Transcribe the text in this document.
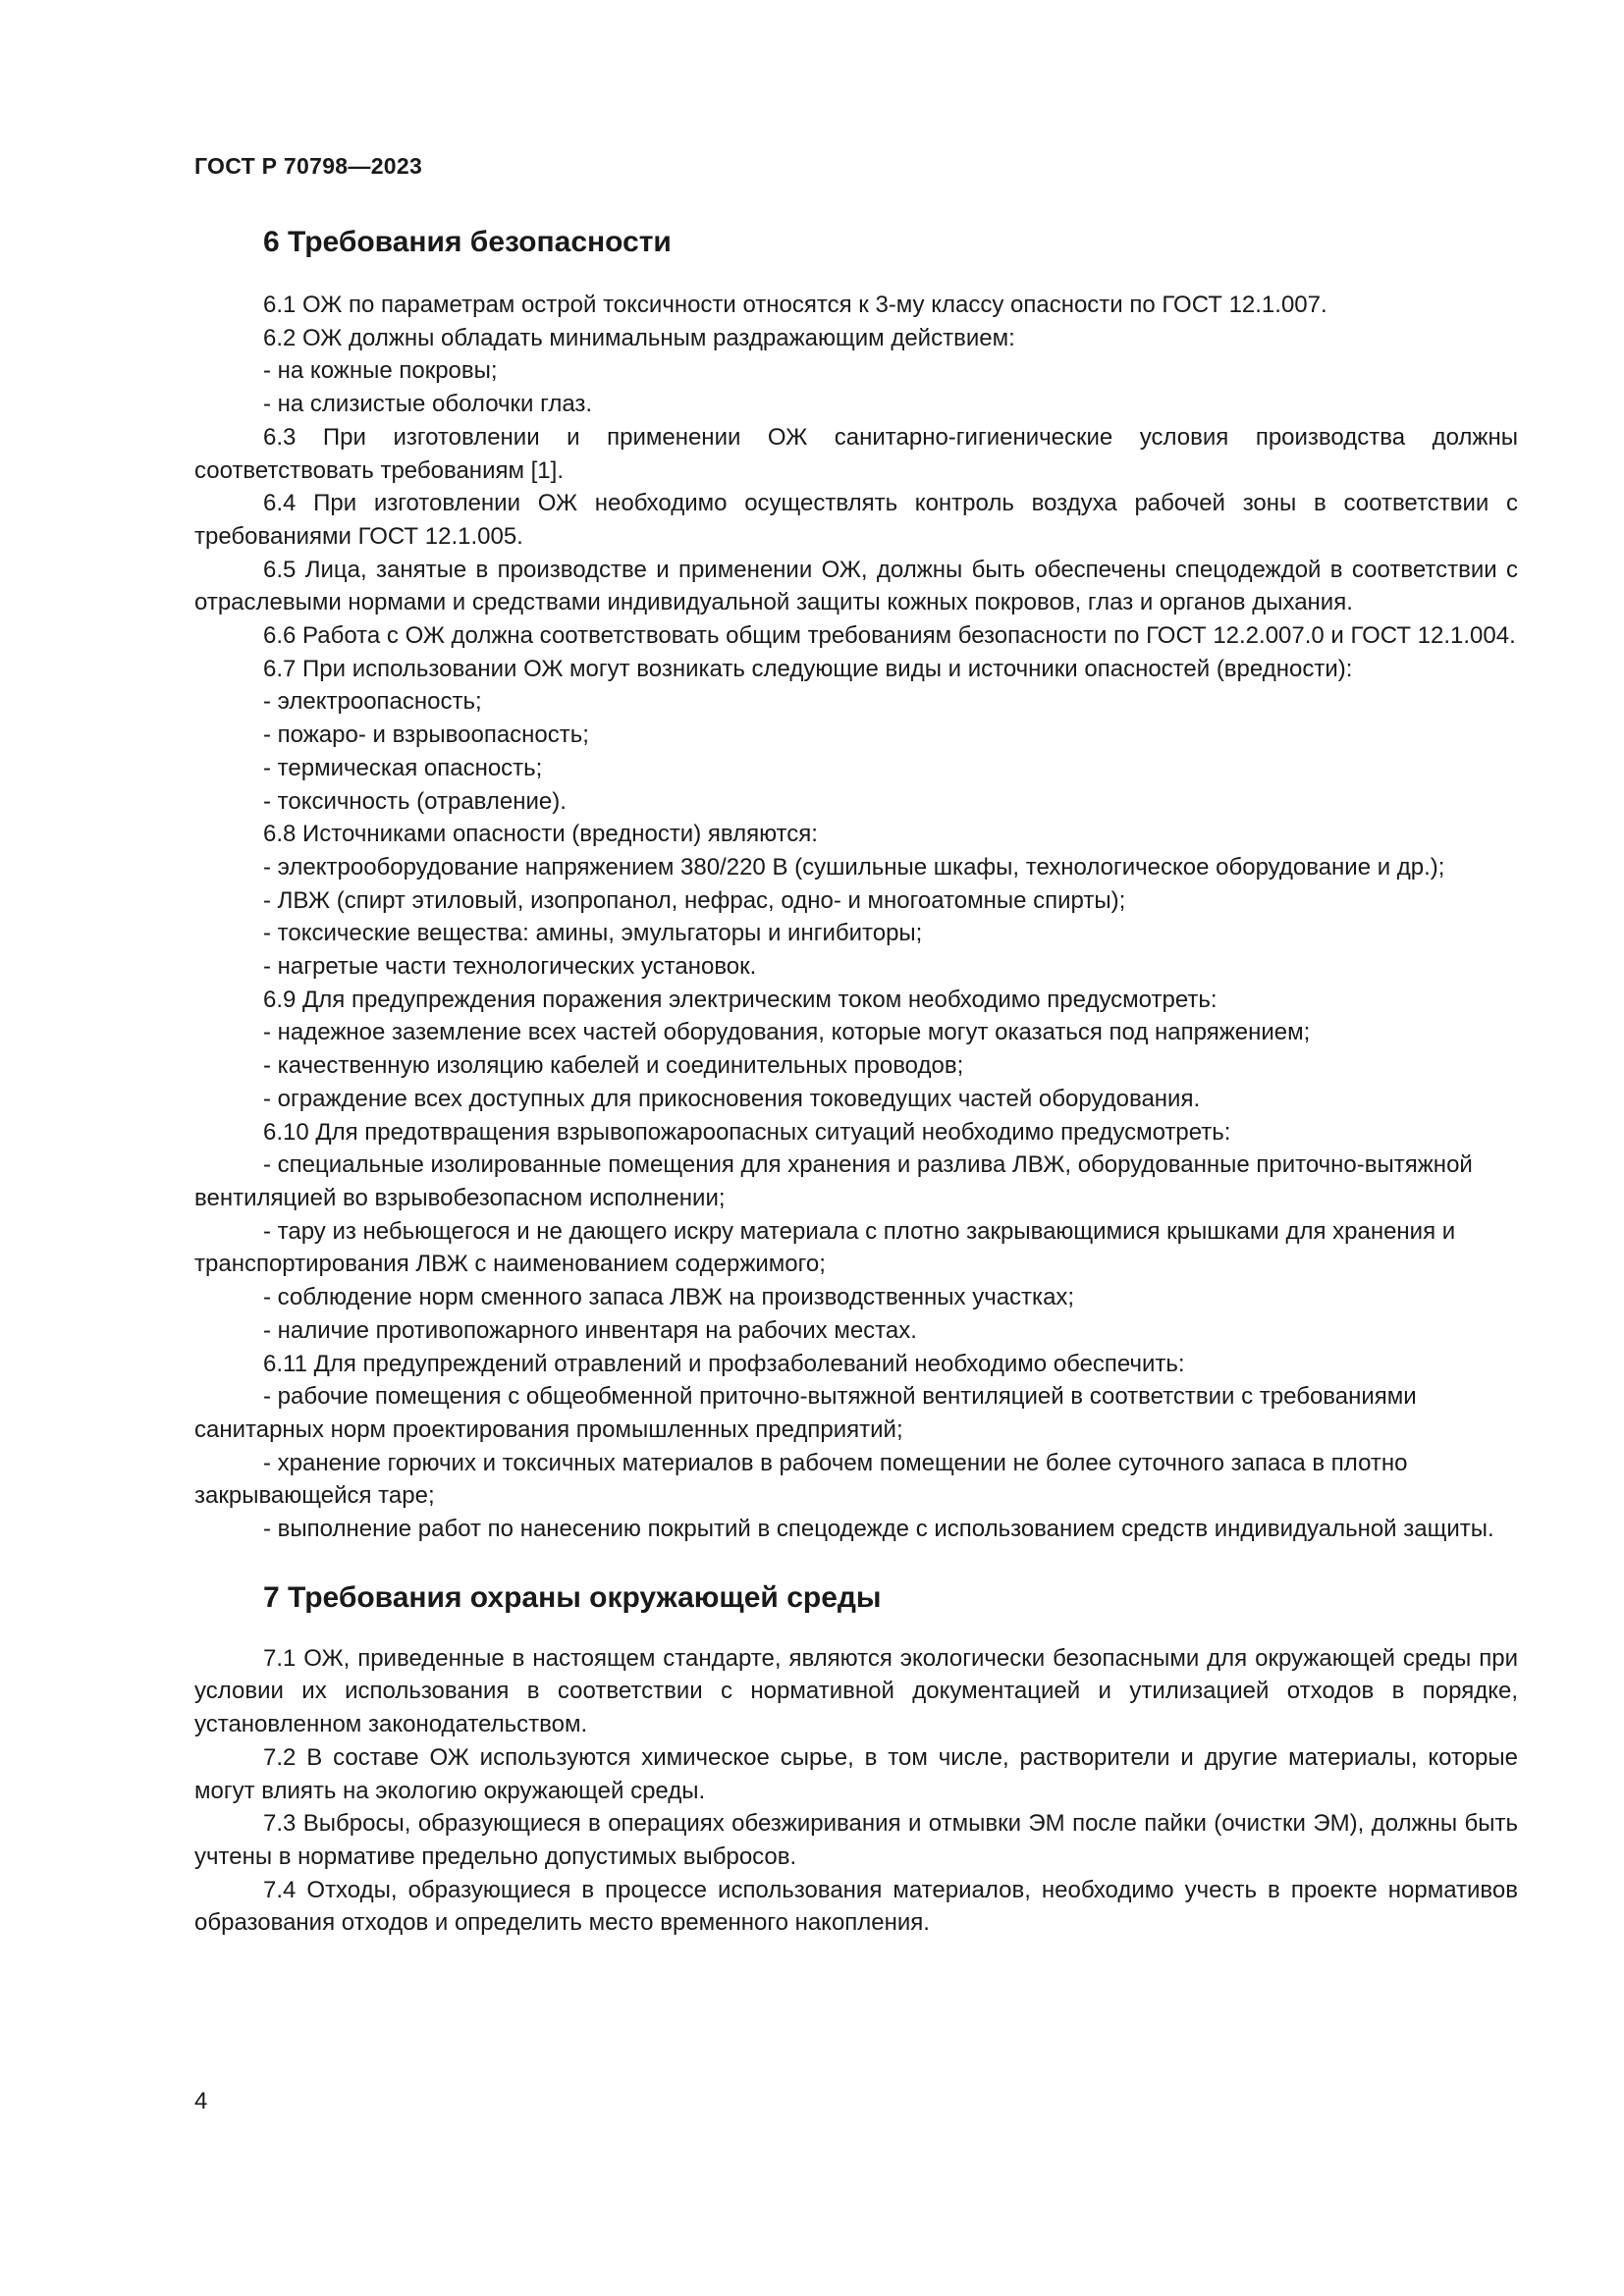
ГОСТ Р 70798—2023
6 Требования безопасности

6.1 ОЖ по параметрам острой токсичности относятся к 3-му классу опасности по ГОСТ 12.1.007.

6.2 ОЖ должны обладать минимальным раздражающим действием:

- на кожные покровы;

- на слизистые оболочки глаз.

6.3 При изготовлении и применении ОЖ санитарно-гигиенические условия производства должны соответствовать требованиям [1].

6.4 При изготовлении ОЖ необходимо осуществлять контроль воздуха рабочей зоны в соответствии с требованиями ГОСТ 12.1.005.

6.5 Лица, занятые в производстве и применении ОЖ, должны быть обеспечены спецодеждой в соответствии с отраслевыми нормами и средствами индивидуальной защиты кожных покровов, глаз и органов дыхания.

6.6 Работа с ОЖ должна соответствовать общим требованиям безопасности по ГОСТ 12.2.007.0 и ГОСТ 12.1.004.

6.7 При использовании ОЖ могут возникать следующие виды и источники опасностей (вредности):

- электроопасность;

- пожаро- и взрывоопасность;

- термическая опасность;

- токсичность (отравление).

6.8 Источниками опасности (вредности) являются:

- электрооборудование напряжением 380/220 В (сушильные шкафы, технологическое оборудование и др.);

- ЛВЖ (спирт этиловый, изопропанол, нефрас, одно- и многоатомные спирты);

- токсические вещества: амины, эмульгаторы и ингибиторы;

- нагретые части технологических установок.

6.9 Для предупреждения поражения электрическим током необходимо предусмотреть:

- надежное заземление всех частей оборудования, которые могут оказаться под напряжением;

- качественную изоляцию кабелей и соединительных проводов;

- ограждение всех доступных для прикосновения токоведущих частей оборудования.

6.10 Для предотвращения взрывопожароопасных ситуаций необходимо предусмотреть:

- специальные изолированные помещения для хранения и разлива ЛВЖ, оборудованные приточно-вытяжной вентиляцией во взрывобезопасном исполнении;

- тару из небьющегося и не дающего искру материала с плотно закрывающимися крышками для хранения и транспортирования ЛВЖ с наименованием содержимого;

- соблюдение норм сменного запаса ЛВЖ на производственных участках;

- наличие противопожарного инвентаря на рабочих местах.

6.11 Для предупреждений отравлений и профзаболеваний необходимо обеспечить:

- рабочие помещения с общеобменной приточно-вытяжной вентиляцией в соответствии с требованиями санитарных норм проектирования промышленных предприятий;

- хранение горючих и токсичных материалов в рабочем помещении не более суточного запаса в плотно закрывающейся таре;

- выполнение работ по нанесению покрытий в спецодежде с использованием средств индивидуальной защиты.

7 Требования охраны окружающей среды

7.1 ОЖ, приведенные в настоящем стандарте, являются экологически безопасными для окружающей среды при условии их использования в соответствии с нормативной документацией и утилизацией отходов в порядке, установленном законодательством.

7.2 В составе ОЖ используются химическое сырье, в том числе, растворители и другие материалы, которые могут влиять на экологию окружающей среды.

7.3 Выбросы, образующиеся в операциях обезжиривания и отмывки ЭМ после пайки (очистки ЭМ), должны быть учтены в нормативе предельно допустимых выбросов.

7.4 Отходы, образующиеся в процессе использования материалов, необходимо учесть в проекте нормативов образования отходов и определить место временного накопления.

4
